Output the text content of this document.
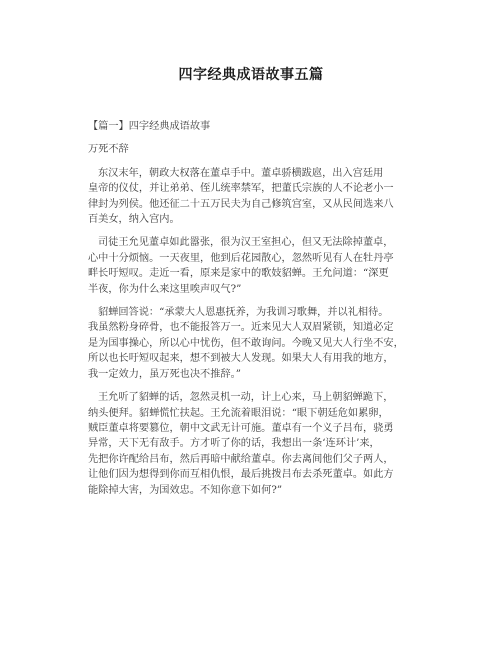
四字经典成语故事五篇
【篇一】四字经典成语故事
万死不辞
东汉末年，朝政大权落在董卓手中。董卓骄横跋扈，出入宫廷用
皇帝的仪仗，并让弟弟、侄儿统率禁军，把董氏宗族的人不论老小一
律封为列侯。他还征二十五万民夫为自己修筑宫室，又从民间选来八
百美女，纳入宫内。
司徒王允见董卓如此嚣张，很为汉王室担心，但又无法除掉董卓，
心中十分烦恼。一天夜里，他到后花园散心，忽然听见有人在牡丹亭
畔长吁短叹。走近一看，原来是家中的歌妓貂蝉。王允问道：“深更
半夜，你为什么来这里唉声叹气?”
貂蝉回答说：“承蒙大人恩惠抚养，为我训习歌舞，并以礼相待。
我虽然粉身碎骨，也不能报答万一。近来见大人双眉紧锁，知道必定
是为国事操心，所以心中忧伤，但不敢询问。今晚又见大人行坐不安，
所以也长吁短叹起来，想不到被大人发现。如果大人有用我的地方，
我一定效力，虽万死也决不推辞。”
王允听了貂蝉的话，忽然灵机一动，计上心来，马上朝貂蝉跪下，
纳头便拜。貂蝉慌忙扶起。王允流着眼泪说：“眼下朝廷危如累卵，
贼臣董卓将要篡位，朝中文武无计可施。董卓有一个义子吕布，骁勇
异常，天下无有敌手。方才听了你的话，我想出一条‘连环计’来，
先把你许配给吕布，然后再暗中献给董卓。你去离间他们父子两人，
让他们因为想得到你而互相仇恨，最后挑拨吕布去杀死董卓。如此方
能除掉大害，为国效忠。不知你意下如何?”
